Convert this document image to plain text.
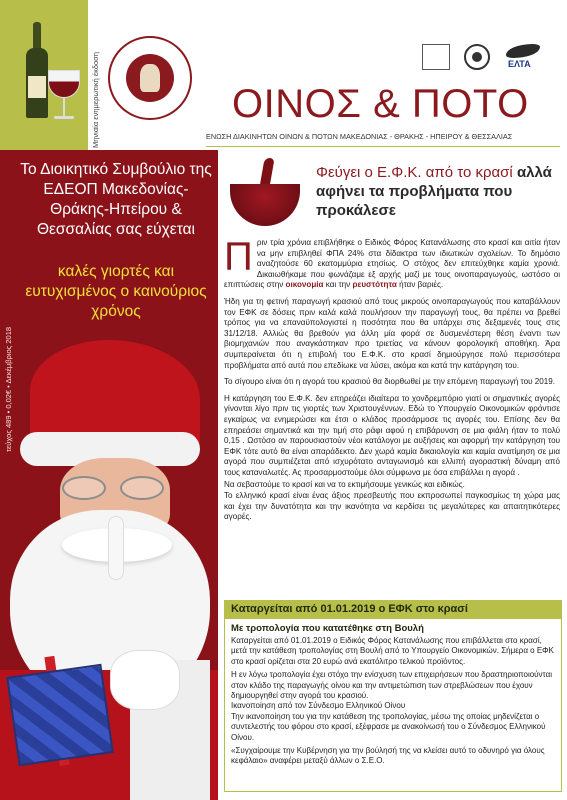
Μηνιαία ενημερωτική έκδοση	ΟΙΝΟΣ & ΠΟΤΟ
ΕΝΩΣΗ ΔΙΑΚΙΝΗΤΩΝ ΟΙΝΩΝ & ΠΟΤΩΝ ΜΑΚΕΔΟΝΙΑΣ - ΘΡΑΚΗΣ - ΗΠΕΙΡΟΥ & ΘΕΣΣΑΛΙΑΣ
ΕΛΤΑ
τεύχος 489 • 0,02€ • Δεκέμβριος 2018
Το Διοικητικό Συμβούλιο της ΕΔΕΟΠ Μακεδονίας-Θράκης-Ηπείρου & Θεσσαλίας σας εύχεται
καλές γιορτές και ευτυχισμένος ο καινούριος χρόνος
Φεύγει ο Ε.Φ.Κ. από το κρασί αλλά αφήνει τα προβλήματα που προκάλεσε

Π ριν τρία χρόνια επιβλήθηκε ο Ειδικός Φόρος Κατανάλωσης στο κρασί και αιτία ήταν να μην επιβληθεί ΦΠΑ 24% στα δίδακτρα των ιδιωτικών σχολείων. Το δημόσιο αναζητούσε 60 εκατομμύρια ετησίως. Ο στόχος δεν επιτεύχθηκε καμία χρονιά. Δικαιωθήκαμε που φωνάζαμε εξ αρχής μαζί με τους οινοπαραγωγούς, ωστόσο οι επιπτώσεις στην οικονομία και την ρευστότητα ήταν βαριές.

Ήδη για τη φετινή παραγωγή κρασιού από τους μικρούς οινοπαραγωγούς που καταβάλλουν τον ΕΦΚ σε δόσεις πριν καλά καλά πουλήσουν την παραγωγή τους, θα πρέπει να βρεθεί τρόπος για να επαναϋπολογιστεί η ποσότητα που θα υπάρχει στις δεξαμενές τους στις 31/12/18. Αλλιώς θα βρεθούν για άλλη μία φορά σε δυσμενέστερη θέση έναντι των βιομηχανιών που αναγκάστηκαν προ τριετίας να κάνουν φορολογική αποθήκη. Άρα συμπεραίνεται ότι η επιβολή του Ε.Φ.Κ. στο κρασί δημιούργησε πολύ περισσότερα προβλήματα από αυτά που επεδίωκε να λύσει, ακόμα και κατά την κατάργηση του.

Το σίγουρο είναι ότι η αγορά του κρασιού θα διορθωθεί με την επόμενη παραγωγή του 2019.

Η κατάργηση του Ε.Φ.Κ. δεν επηρεάζει ιδιαίτερα το χονδρεμπόριο γιατί οι σημαντικές αγορές γίνονται λίγο πριν τις γιορτές των Χριστουγέννων. Εδώ το Υπουργείο Οικονομικών φρόντισε εγκαίρως να ενημερώσει και έτσι ο κλάδος προσάρμοσε τις αγορές του. Επίσης δεν θα επηρεάσει σημαντικά και την τιμή στο ράφι αφού η επιβάρυνση σε μια φιάλη ήταν το πολύ 0,15 . Ωστόσο αν παρουσιαστούν νέοι κατάλογοι με αυξήσεις και αφορμή την κατάργηση του ΕΦΚ τότε αυτό θα είναι απαράδεκτο. Δεν χωρά καμία δικαιολογία και καμία ανατίμηση σε μια αγορά που συμπιέζεται από ισχυρότατο ανταγωνισμό και ελλιπή αγοραστική δύναμη από τους καταναλωτές. Ας προσαρμοστούμε όλοι σύμφωνα με όσα επιβάλλει η αγορά .

Να σεβαστούμε το κρασί και να το εκτιμήσουμε γενικώς και ειδικώς.

Το ελληνικό κρασί είναι ένας άξιος πρεσβευτής που εκπροσωπεί παγκοσμίως τη χώρα μας και έχει την δυνατότητα και την ικανότητα να κερδίσει τις μεγαλύτερες και απαιτητικότερες αγορές.

Καταργείται από 01.01.2019 ο ΕΦΚ στο κρασί
Με τροπολογία που κατατέθηκε στη Βουλή

Καταργείται από 01.01.2019 ο Ειδικός Φόρος Κατανάλωσης που επιβάλλεται στο κρασί, μετά την κατάθεση τροπολογίας στη Βουλή από το Υπουργείο Οικονομικών. Σήμερα ο ΕΦΚ στο κρασί ορίζεται στα 20 ευρώ ανά εκατόλιτρο τελικού προϊόντος.

Η εν λόγω τροπολογία έχει στόχο την ενίσχυση των επιχειρήσεων που δραστηριοποιούνται στον κλάδο της παραγωγής οίνου και την αντιμετώπιση των στρεβλώσεων που έχουν δημιουργηθεί στην αγορά του κρασιού.

Ικανοποίηση από τον Σύνδεσμο Ελληνικού Οίνου

Την ικανοποίηση του για την κατάθεση της τροπολογίας, μέσω της οποίας μηδενίζεται ο συντελεστής του φόρου στο κρασί, εξέφρασε με ανακοίνωσή του ο Σύνδεσμος Ελληνικού Οίνου.

«Συγχαίρουμε την Κυβέρνηση για την βούλησή της να κλείσει αυτό το οδυνηρό για όλους κεφάλαιο» αναφέρει μεταξύ άλλων ο Σ.Ε.Ο.
